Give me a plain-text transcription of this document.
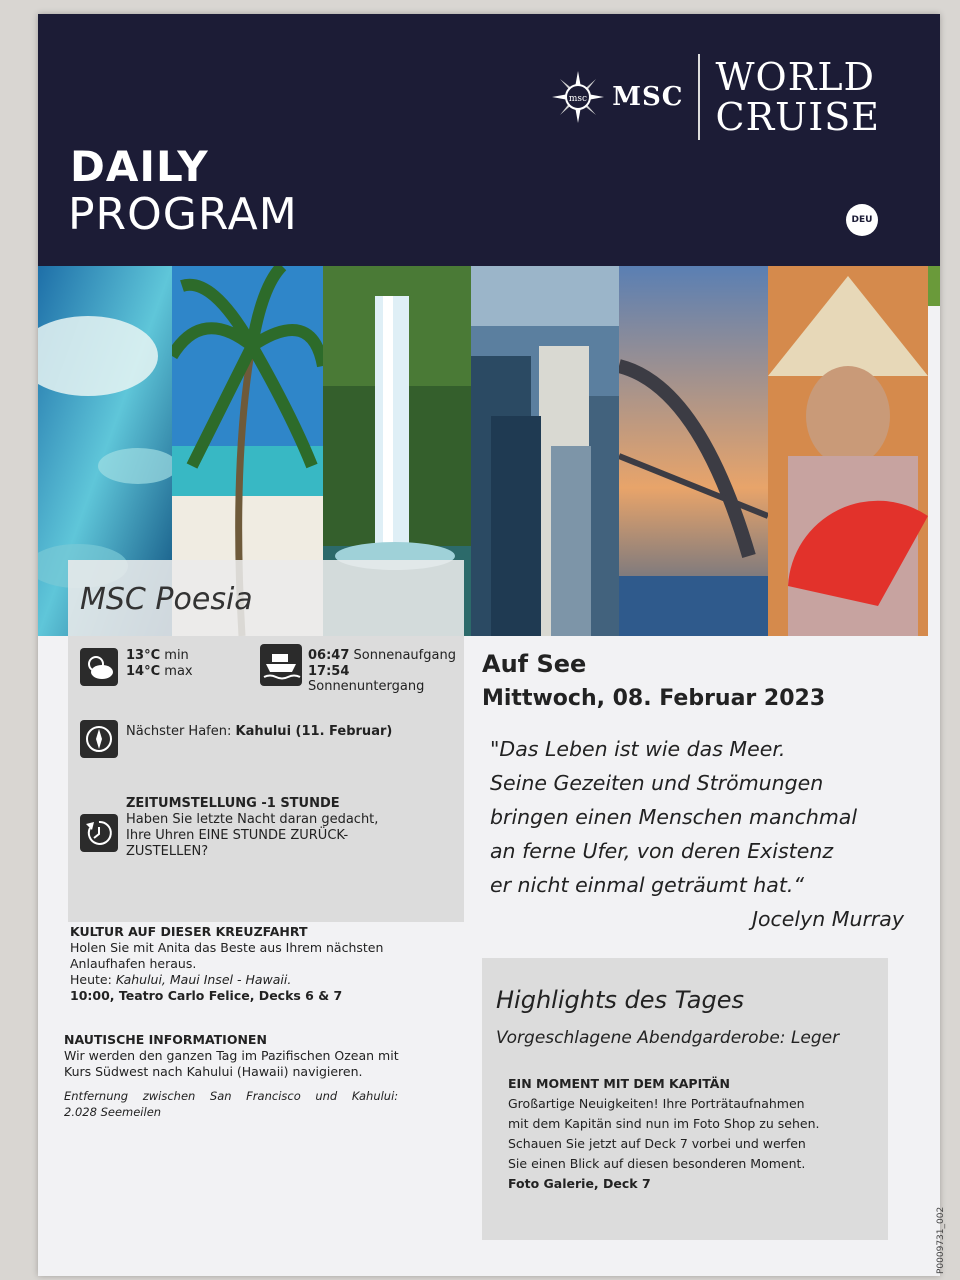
msc MSC WORLD
CRUISE
DAILY
PROGRAM	DEU
MSC Poesia
13°C min
14°C max
06:47 Sonnenaufgang
17:54 Sonnenuntergang
Nächster Hafen: Kahului (11. Februar)
ZEITUMSTELLUNG -1 STUNDE
Haben Sie letzte Nacht daran gedacht,
Ihre Uhren EINE STUNDE ZURÜCK-
ZUSTELLEN?
KULTUR AUF DIESER KREUZFAHRT
Holen Sie mit Anita das Beste aus Ihrem nächsten
Anlaufhafen heraus.
Heute: Kahului, Maui Insel - Hawaii.
10:00, Teatro Carlo Felice, Decks 6 & 7
NAUTISCHE INFORMATIONEN
Wir werden den ganzen Tag im Pazifischen Ozean mit
Kurs Südwest nach Kahului (Hawaii) navigieren.
Entfernung    zwischen    San    Francisco    und    Kahului:
2.028 Seemeilen
Auf See
Mittwoch, 08. Februar 2023
"Das Leben ist wie das Meer.
Seine Gezeiten und Strömungen
bringen einen Menschen manchmal
an ferne Ufer, von deren Existenz
er nicht einmal geträumt hat.“
Jocelyn Murray
Highlights des Tages
Vorgeschlagene Abendgarderobe: Leger
EIN MOMENT MIT DEM KAPITÄN
Großartige Neuigkeiten! Ihre Porträtaufnahmen
mit dem Kapitän sind nun im Foto Shop zu sehen.
Schauen Sie jetzt auf Deck 7 vorbei und werfen
Sie einen Blick auf diesen besonderen Moment.
Foto Galerie, Deck 7
P0009731_002
